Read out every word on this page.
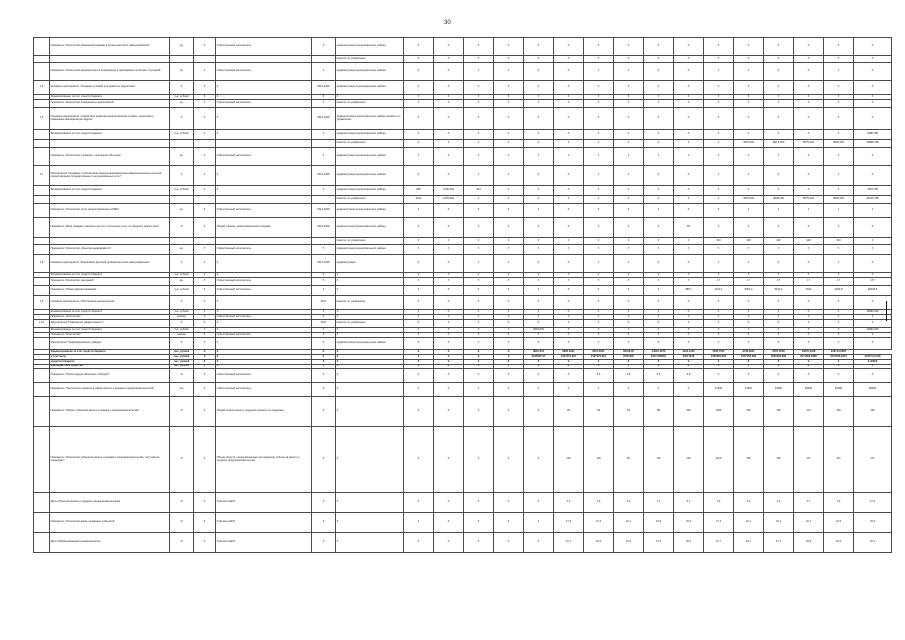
30
	Показатель "Количество обращений граждан в органы местного самоуправления"	ед.	Х	Ответственный исполнитель	Х	Администрация муниципального района	Х	Х	Х	Х	Х	Х	Х	Х	Х	Х	Х	Х	Х	Х	Х	Х
						Комитет по управлению	Х	Х	Х	Х	Х	Х	Х	Х	Х	Х	Х	Х	Х	Х	Х	Х
	Показатель "Количество мероприятий по организации и проведению публичных слушаний"	ед.	Х	Ответственный исполнитель	Х	Администрация муниципального района	Х	Х	Х	Х	Х	Х	Х	Х	Х	Х	Х	Х	Х	Х	Х	Х
1.5	Основное мероприятие "Создание условий для развития территории"	Х	Х	Х	2014-2020	Администрация муниципального района	Х	Х	Х	Х	Х	Х	Х	Х	Х	Х	Х	Х	Х	Х	Х	Х
	Финансирование за счет средств бюджета	тыс. рублей	Х	Х	Х	Х	Х	Х	Х	Х	Х	Х	Х	Х	Х	Х	Х	Х	Х	Х	Х	Х
	Показатель "Количество проведенных мероприятий"	ед.	Х	Ответственный исполнитель	Х	Комитет по управлению	Х	Х	Х	Х	Х	Х	Х	Х	Х	Х	Х	Х	Х	Х	Х	Х
1.6	Основное мероприятие "Содействие развитию муниципальной службы, подготовка и повышение квалификации кадров"	Х	Х	Х	2014-2020	Администрация муниципального района, Комитет по управлению	Х	Х	Х	Х	Х	Х	Х	Х	Х	Х	Х	Х	Х	Х	Х	Х
	Финансирование за счет средств бюджета	тыс. рублей	Х	Х	Х	Администрация муниципального района	Х	Х	Х	Х	Х	Х	Х	Х	Х	Х	Х	Х	Х	Х	Х	4688,788
						Комитет по управлению	Х	Х	Х	Х	Х	Х	Х	Х	Х	Х	Х	4065,000	980,5 000	8575,000	8562,000	10888,788
	Показатель "Количество служащих, прошедших обучение"	ед.	Х	Ответственный исполнитель	Х	Администрация муниципального района	Х	Х	Х	Х	Х	1	1	1	1	1	Х	Х	Х	Х	Х	Х
1.7	Мероприятие "Создание и обеспечение функционирования многофункциональных центров предоставления государственных и муниципальных услуг"	Х	Х	Х	2014-2020	Администрация муниципального района	Х	Х	Х	Х	Х	Х	Х	Х	Х	Х	Х	Х	Х	Х	Х	Х
	Финансирование за счет средств бюджета	тыс. рублей	Х	Х	Х	Администрация муниципального района	983	1035,000	923	Х	Х	Х	Х	Х	Х	Х	Х	Х	Х	Х	Х	4453,768
						Комитет по управлению	2610	2476,000	Х	Х	Х	Х	Х	Х	Х	Х	Х	4065,000	9838,000	8575,000	8562,000	22046,788
	Показатель "Количество услуг, предоставленных в МФЦ"	ед.	Х	Ответственный исполнитель	2014-2020	Администрация муниципального района	Х	Х	Х	Х	Х	Х	Х	Х	Х	Х	Х	1	1	1	1	1
	Показатель "Доля граждан, имеющих доступ к получению услуг по принципу одного окна"	%	Х	Общий уровень удовлетворенности граждан	2014-2020	Администрация муниципального района	Х	Х	Х	Х	Х	Х	Х	Х	Х	80	Х	Х	Х	Х	Х	Х
						Комитет по управлению	Х	Х	Х	Х	Х	Х	Х	Х	Х	Х	100	100	100	100	100	Х
	Показатель "Количество объектов недвижимости"	ед.	Х	Ответственный исполнитель	Х	Администрация муниципального района	Х	Х	Х	Х	Х	Х	Х	Х	Х	Х	Х	Х	Х	Х	Х	Х
1.8	Основное мероприятие "Реализация функций органов местного самоуправления"	Х	Х	Х	2017-2020	Администрация	Х	Х	Х	Х	Х	Х	Х	Х	Х	Х	Х	Х	Х	Х	Х	Х
	Финансирование за счет средств бюджета	тыс. рублей	Х	Х	Х	Х	Х	Х	Х	Х	Х	Х	Х	Х	Х	Х	Х	Х	Х	Х	Х	Х
	Показатель "Количество заседаний"	ед.	Х	Ответственный исполнитель	Х	Х	Х	Х	Х	Х	Х	Х	Х	Х	Х	Х	17	17	17	17	17	177
	Показатель "Объем финансирования"	тыс. рублей	Х	Ответственный исполнитель	Х	Х	Х	Х	Х	Х	Х	Х	Х	Х	Х	985,1	4013,1	5062,2	5611,2	6022	6944,8	28428,6
1.9	Основное мероприятие "Обеспечение деятельности"	Х	Х	Х	2017	Комитет по управлению	Х	Х	Х	Х	Х	Х	Х	Х	Х	Х	Х	Х	Х	Х	Х	Х
	Финансирование за счет средств бюджета	тыс. рублей	Х	Х	Х	Х	Х	Х	Х	Х	Х	Х	Х	Х	Х	Х	Х	Х	Х	Х	Х	12893,000
	Показатель "Количество"	единиц	Х	Ответственный исполнитель	Х	Х	Х	Х	Х	Х	Х	Х	Х	Х	Х	Х	Х	Х	Х	Х	Х	Х
1.10	Мероприятие "Повышение эффективности"	Х	Х	Х	2017	Комитет по управлению	Х	Х	Х	Х	Х	Х	Х	Х	Х	Х	Х	Х	Х	Х	Х	Х
	Финансирование за счет средств бюджета	тыс. рублей	Х	Х	Х	Х	Х	Х	Х	Х	4093,000	Х	Х	Х	Х	Х	Х	Х	Х	Х	Х	12893,000
	Показатель "Количество"	единиц	Х	Ответственный исполнитель	Х	Х	Х	Х	Х	Х	Х	Х	Х	Х	Х	Х	Х	Х	Х	Х	Х	Х
	Мероприятие "Информирование граждан"	Х	Х	Х	Х	Администрация муниципального района	Х	Х	Х	Х	Х	Х	Х	Х	Х	Х	Х	Х	Х	Х	Х	Х
	Финансирование за счет средств бюджета	тыс. рублей	Х	Х	Х	Х	Х	Х	Х	Х	9801,243	9805,9161	9451,6031	29316,05	44010,1876	4402,4106	4508,7501	9748,0901	9787,4508	16279,2408	229710,6665	
	в том числе	тыс. рублей	Х	Х	Х	Х	Х	Х	Х	Х	2195627,97	2157270,991	2197270,991	2228,965	2227,928581	23571236	2362283,695	2457256,996	2565295,898	2571566,2988	2579786,2979	29727,04,796
	средства бюджета	тыс. рублей	Х	Х	Х	Х	Х	Х	Х	Х	Х	Х	Х	Х	Х	Х	Х	Х	Х	Х	Х	2,49956
	внебюджетные средства	тыс. рублей	Х	Х	Х	Х	Х	Х	Х	Х	Х	Х	Х	Х	Х	Х	Х	Х	Х	Х	Х	Х
	Показатель "Объем предоставленных субсидий"	%	Х	Ответственный исполнитель	Х	Х	Х	Х	Х	Х	Х	Х	2,6	4,8	3,3	3,5	Х	Х	Х	Х	Х	Х
	Показатель "Численность занятых в сфере малого и среднего предпринимательства"	тыс.	Х	Ответственный исполнитель	Х	Х	Х	Х	Х	Х	Х	Х	Х	Х	Х	Х	47840	47810	49050	48530	50182	98262
	Показатель "Оборот субъектов малого и среднего предпринимательства"	%	Х	Общий объем средств, предусмотренных на поддержку	Х	Х	Х	Х	Х	Х	Х	99	99	99	98	100	1782	102	105	114	100	159
	Показатель "Количество субъектов малого и среднего предпринимательства, получивших поддержку"	%	Х	Объем средств, предусмотренных на поддержку субъектов малого и среднего предпринимательства	Х	Х	Х	Х	Х	Х	Х	120	119	117	119	120	1120	120	126	117	121	127
	Доля субъектов малого и среднего предпринимательства	%	Х	Субъекты МСП	Х	Х	Х	Х	Х	Х	Х	1,6	1,9	1,9	1,7	2,1	1,6	1,9	1,9	1,7	1,6	17,9
	Показатель "Количество вновь созданных субъектов"	%	Х	Субъекты МСП	Х	Х	Х	Х	Х	Х	Х	17,3	21,3	22,1	22,9	23,3	17,3	22,1	21,1	22,1	22,9	23,3
	Доля обрабатывающей промышленности	%	Х	Субъекты МСП	Х	Х	Х	Х	Х	Х	Х	12,7	16,2	16,5	17,0	18,1	12,7	16,1	17,1	16,8	16,2	16,1
